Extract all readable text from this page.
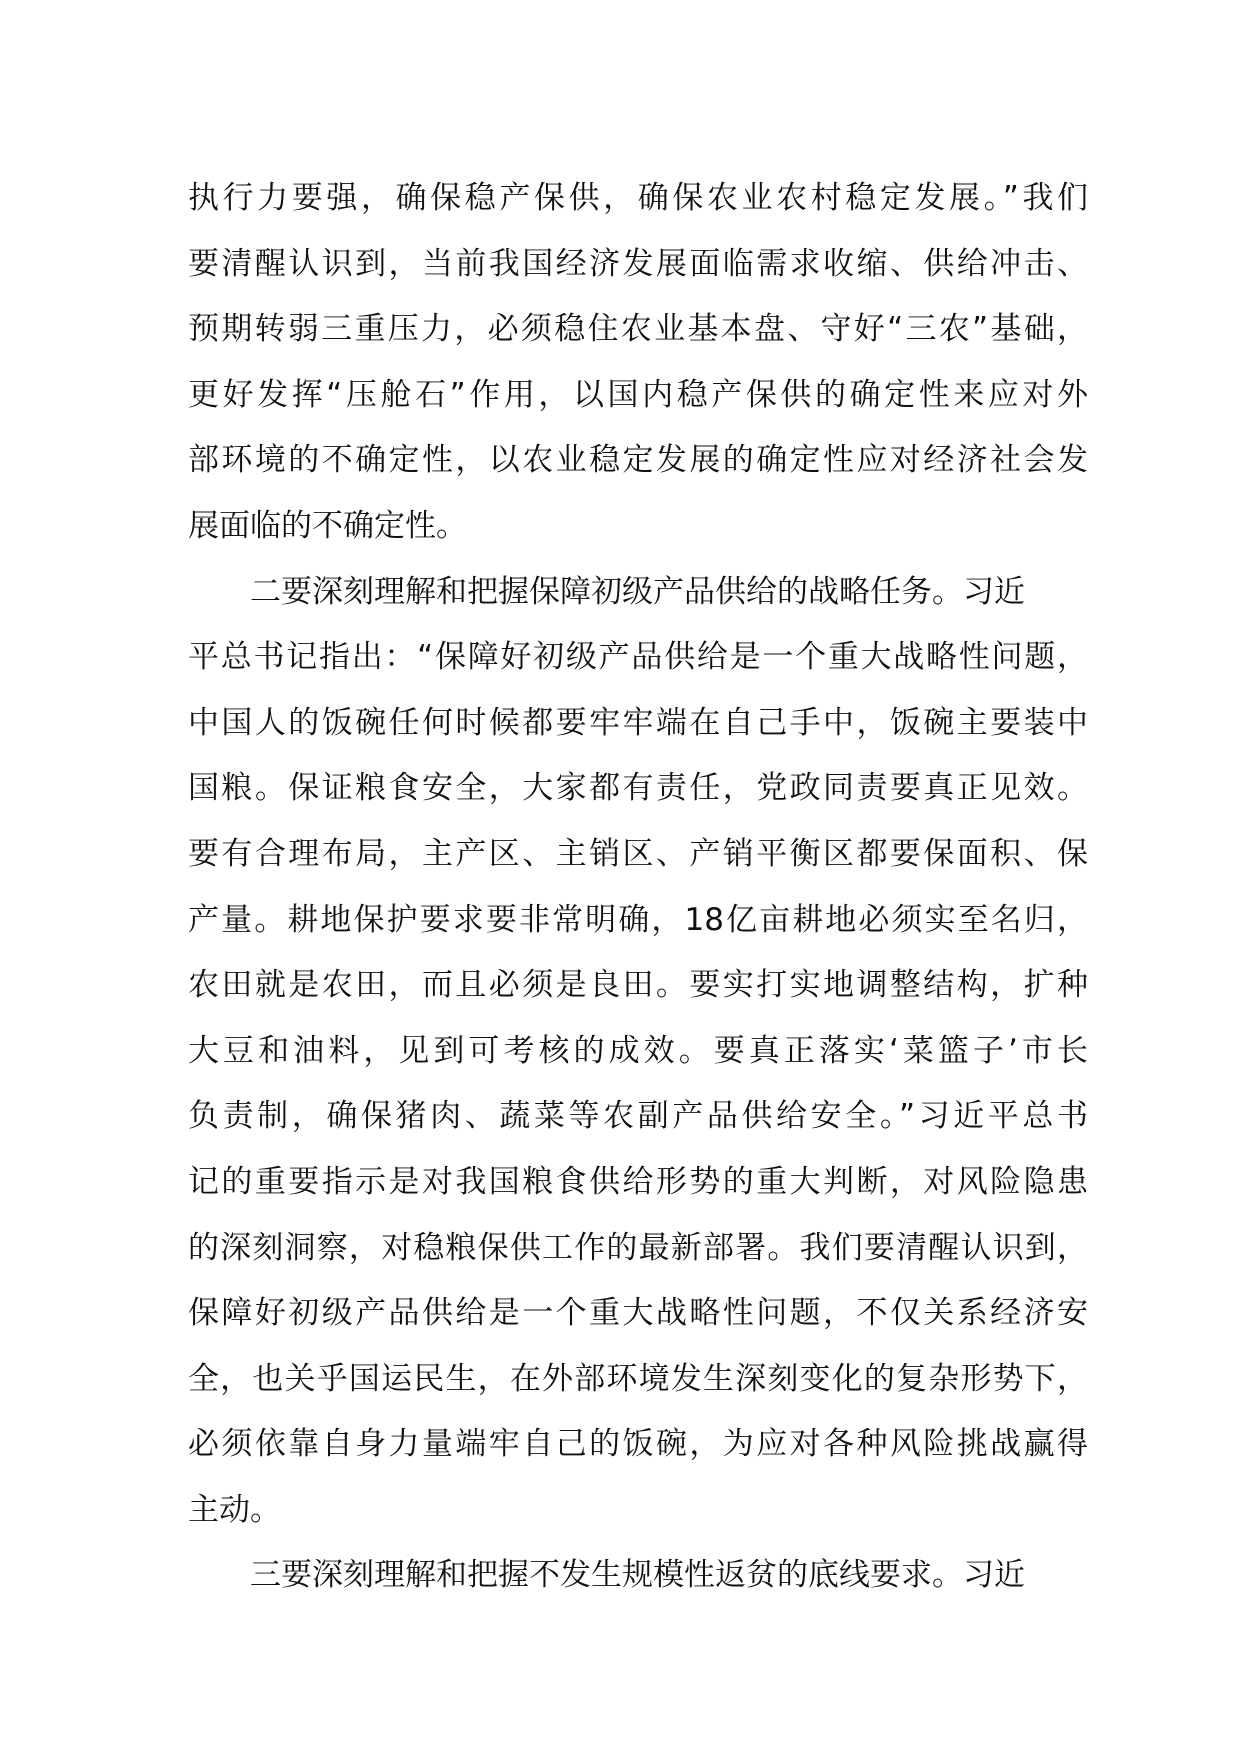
执行力要强，确保稳产保供，确保农业农村稳定发展。”我们
要清醒认识到，当前我国经济发展面临需求收缩、供给冲击、
预期转弱三重压力，必须稳住农业基本盘、守好“三农”基础，
更好发挥“压舱石”作用，以国内稳产保供的确定性来应对外
部环境的不确定性，以农业稳定发展的确定性应对经济社会发
展面临的不确定性。
二要深刻理解和把握保障初级产品供给的战略任务。习近
平总书记指出：“保障好初级产品供给是一个重大战略性问题，
中国人的饭碗任何时候都要牢牢端在自己手中，饭碗主要装中
国粮。保证粮食安全，大家都有责任，党政同责要真正见效。
要有合理布局，主产区、主销区、产销平衡区都要保面积、保
产量。耕地保护要求要非常明确，18亿亩耕地必须实至名归，
农田就是农田，而且必须是良田。要实打实地调整结构，扩种
大豆和油料，见到可考核的成效。要真正落实‘菜篮子’市长
负责制，确保猪肉、蔬菜等农副产品供给安全。”习近平总书
记的重要指示是对我国粮食供给形势的重大判断，对风险隐患
的深刻洞察，对稳粮保供工作的最新部署。我们要清醒认识到，
保障好初级产品供给是一个重大战略性问题，不仅关系经济安
全，也关乎国运民生，在外部环境发生深刻变化的复杂形势下，
必须依靠自身力量端牢自己的饭碗，为应对各种风险挑战赢得
主动。
三要深刻理解和把握不发生规模性返贫的底线要求。习近
